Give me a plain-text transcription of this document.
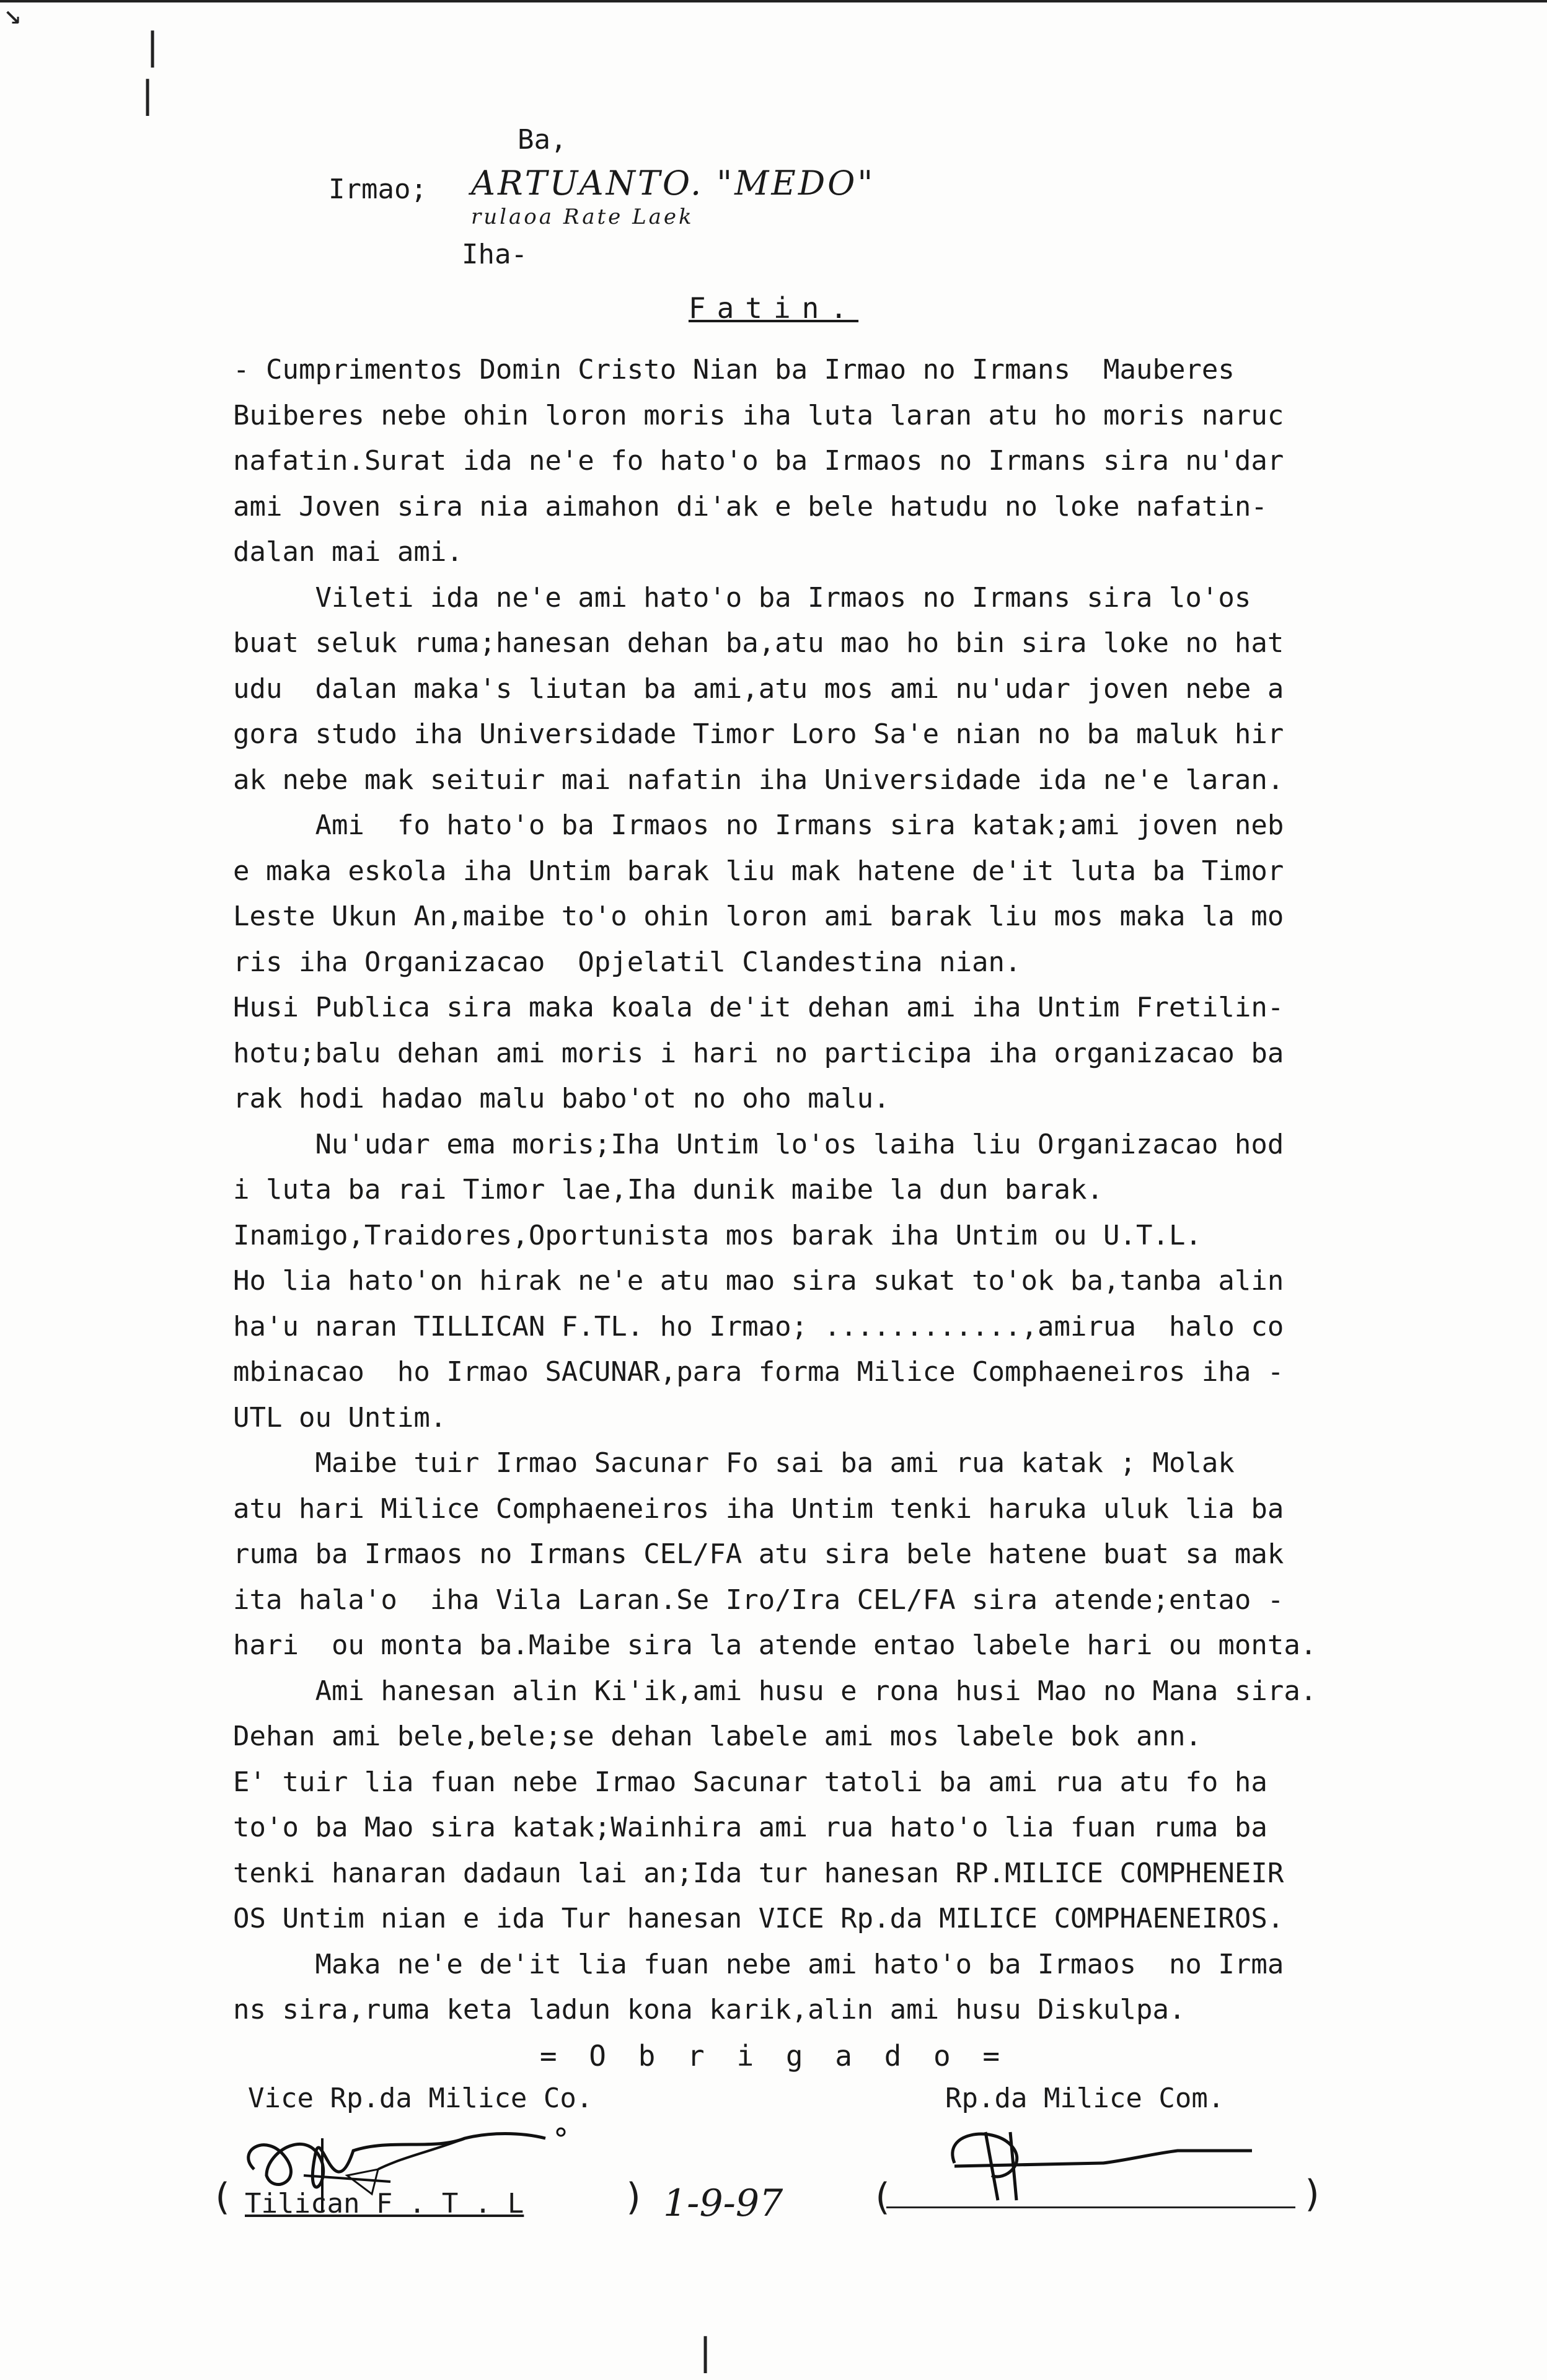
↘
|
|
Ba,
Irmao; ARTUANTO. "MEDO"
rulaoa Rate Laek
Iha-
Fatin.
- Cumprimentos Domin Cristo Nian ba Irmao no Irmans  Mauberes
Buiberes nebe ohin loron moris iha luta laran atu ho moris naruc
nafatin.Surat ida ne'e fo hato'o ba Irmaos no Irmans sira nu'dar
ami Joven sira nia aimahon di'ak e bele hatudu no loke nafatin-
dalan mai ami.
Vileti ida ne'e ami hato'o ba Irmaos no Irmans sira lo'os
buat seluk ruma;hanesan dehan ba,atu mao ho bin sira loke no hat
udu  dalan maka's liutan ba ami,atu mos ami nu'udar joven nebe a
gora studo iha Universidade Timor Loro Sa'e nian no ba maluk hir
ak nebe mak seituir mai nafatin iha Universidade ida ne'e laran.
Ami  fo hato'o ba Irmaos no Irmans sira katak;ami joven neb
e maka eskola iha Untim barak liu mak hatene de'it luta ba Timor
Leste Ukun An,maibe to'o ohin loron ami barak liu mos maka la mo
ris iha Organizacao  Opjelatil Clandestina nian.
Husi Publica sira maka koala de'it dehan ami iha Untim Fretilin-
hotu;balu dehan ami moris i hari no participa iha organizacao ba
rak hodi hadao malu babo'ot no oho malu.
Nu'udar ema moris;Iha Untim lo'os laiha liu Organizacao hod
i luta ba rai Timor lae,Iha dunik maibe la dun barak.
Inamigo,Traidores,Oportunista mos barak iha Untim ou U.T.L.
Ho lia hato'on hirak ne'e atu mao sira sukat to'ok ba,tanba alin
ha'u naran TILLICAN F.TL. ho Irmao; ............,amirua  halo co
mbinacao  ho Irmao SACUNAR,para forma Milice Comphaeneiros iha -
UTL ou Untim.
Maibe tuir Irmao Sacunar Fo sai ba ami rua katak ; Molak
atu hari Milice Comphaeneiros iha Untim tenki haruka uluk lia ba
ruma ba Irmaos no Irmans CEL/FA atu sira bele hatene buat sa mak
ita hala'o  iha Vila Laran.Se Iro/Ira CEL/FA sira atende;entao -
hari  ou monta ba.Maibe sira la atende entao labele hari ou monta.
Ami hanesan alin Ki'ik,ami husu e rona husi Mao no Mana sira.
Dehan ami bele,bele;se dehan labele ami mos labele bok ann.
E' tuir lia fuan nebe Irmao Sacunar tatoli ba ami rua atu fo ha
to'o ba Mao sira katak;Wainhira ami rua hato'o lia fuan ruma ba
tenki hanaran dadaun lai an;Ida tur hanesan RP.MILICE COMPHENEIR
OS Untim nian e ida Tur hanesan VICE Rp.da MILICE COMPHAENEIROS.
Maka ne'e de'it lia fuan nebe ami hato'o ba Irmaos  no Irma
ns sira,ruma keta ladun kona karik,alin ami husu Diskulpa.
= O b r i g a d o =
Vice Rp.da Milice Co.
( Tilican F . T . L	) 1-9-97
Rp.da Milice Com.
(	)
|
